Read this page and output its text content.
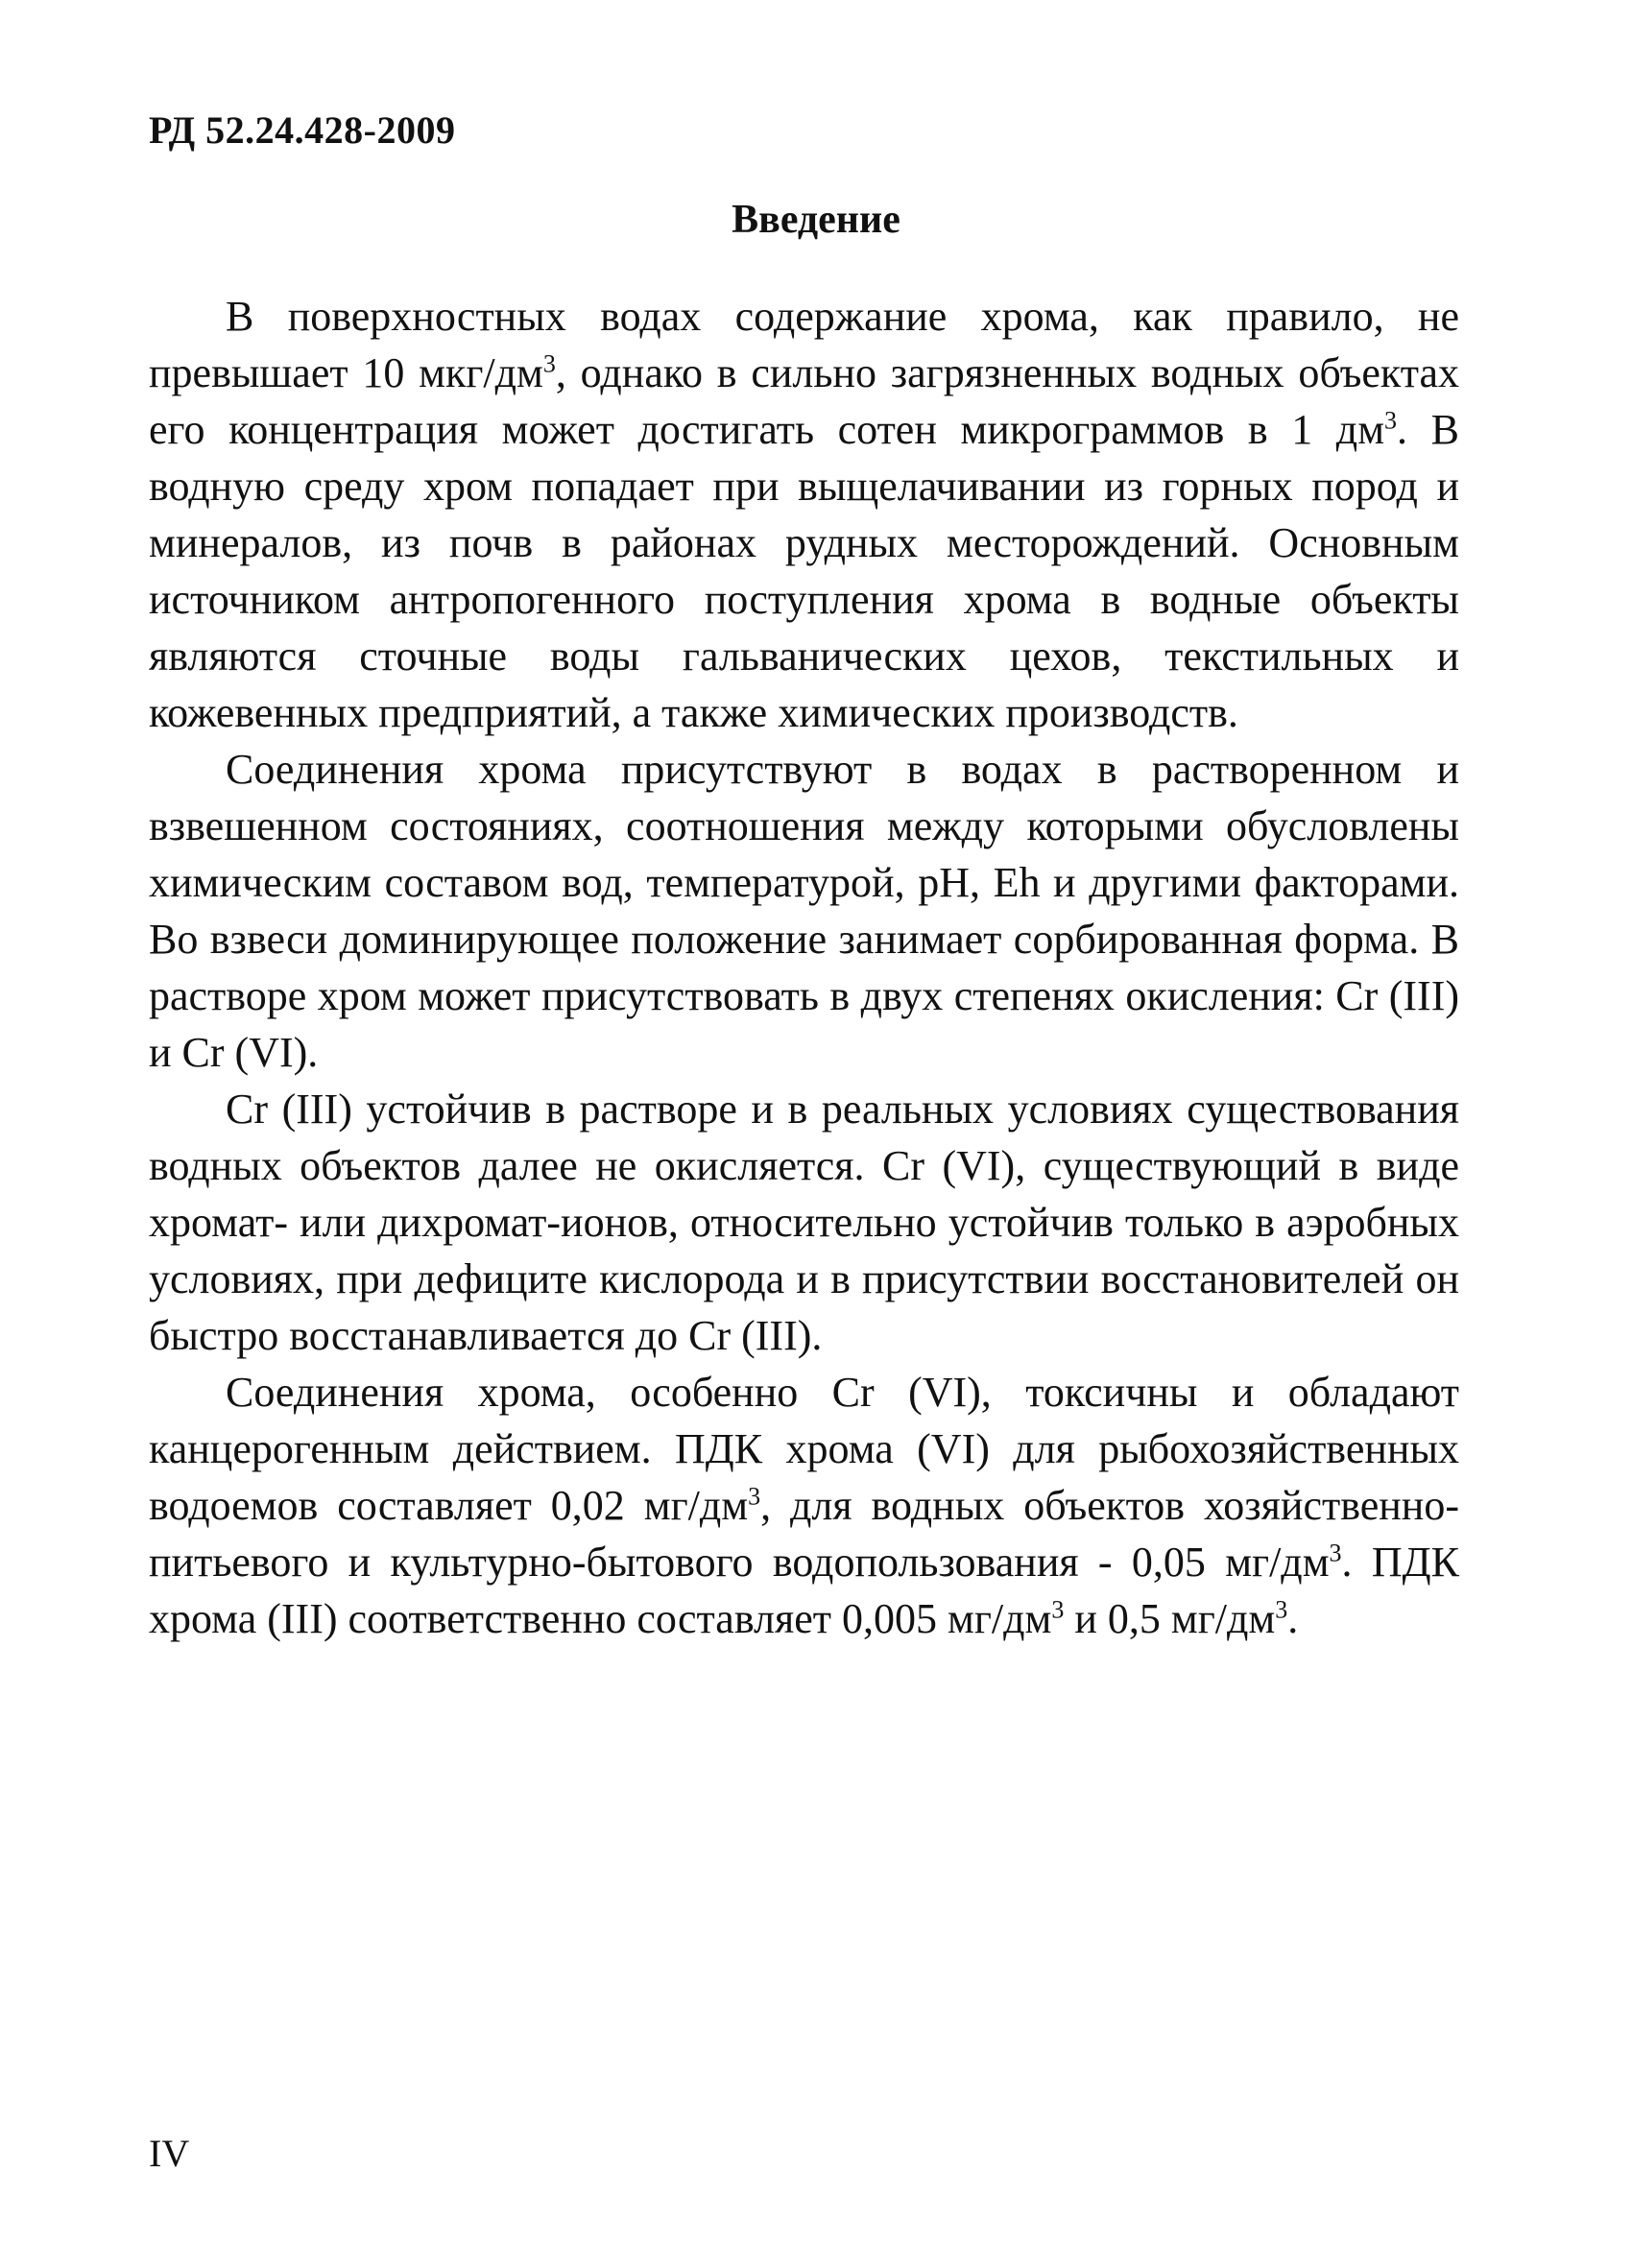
РД 52.24.428-2009
Введение

В поверхностных водах содержание хрома, как правило, не превышает 10 мкг/$дм^3$, однако в сильно загрязненных водных объектах его концентрация может достигать сотен микрограммов в 1 $дм^3$. В водную среду хром попадает при выщелачивании из горных пород и минералов, из почв в районах рудных месторождений. Основным источником антропогенного поступления хрома в водные объекты являются сточные воды гальванических цехов, текстильных и кожевенных предприятий, а также химических производств.

Соединения хрома присутствуют в водах в растворенном и взвешенном состояниях, соотношения между которыми обусловлены химическим составом вод, температурой, pH, Eh и другими факторами. Во взвеси доминирующее положение занимает сорбированная форма. В растворе хром может присутствовать в двух степенях окисления: Cr (III) и Cr (VI).

Cr (III) устойчив в растворе и в реальных условиях существования водных объектов далее не окисляется. Cr (VI), существующий в виде хромат- или дихромат-ионов, относительно устойчив только в аэробных условиях, при дефиците кислорода и в присутствии восстановителей он быстро восстанавливается до Cr (III).

Соединения хрома, особенно Cr (VI), токсичны и обладают канцерогенным действием. ПДК хрома (VI) для рыбохозяйственных водоемов составляет 0,02 $мг/дм^3$, для водных объектов хозяйственно-питьевого и культурно-бытового водопользования - 0,05 $мг/дм^3$. ПДК хрома (III) соответственно составляет 0,005 $мг/дм^3$ и 0,5 $мг/дм^3$.

IV
